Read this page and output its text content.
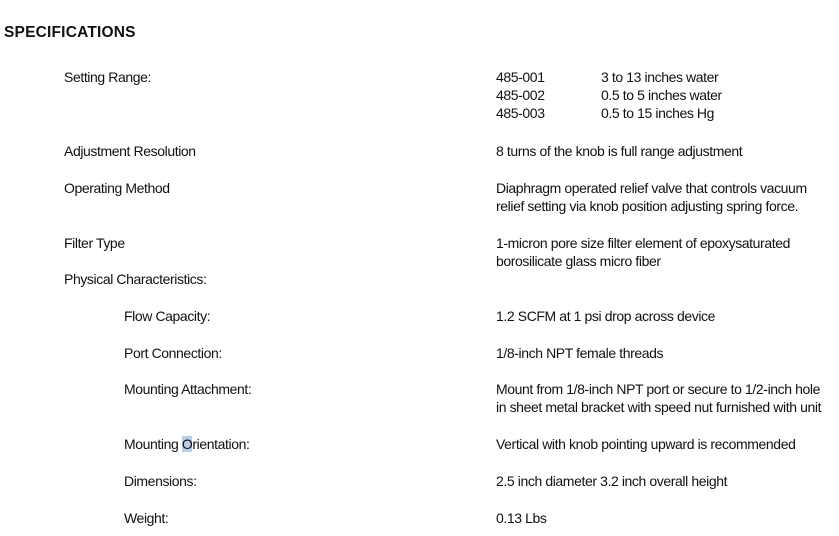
SPECIFICATIONS
Setting Range:	485-001	3 to 13 inches water
485-002	0.5 to 5 inches water
485-003	0.5 to 15 inches Hg
Adjustment Resolution	8 turns of the knob is full range adjustment
Operating Method	Diaphragm operated relief valve that controls vacuum
relief setting via knob position adjusting spring force.
Filter Type	1-micron pore size filter element of epoxysaturated
borosilicate glass micro fiber
Physical Characteristics:
Flow Capacity:	1.2 SCFM at 1 psi drop across device
Port Connection:	1/8-inch NPT female threads
Mounting Attachment:	Mount from 1/8-inch NPT port or secure to 1/2-inch hole
in sheet metal bracket with speed nut furnished with unit
Mounting Orientation:	Vertical with knob pointing upward is recommended
Dimensions:	2.5 inch diameter 3.2 inch overall height
Weight:	0.13 Lbs
